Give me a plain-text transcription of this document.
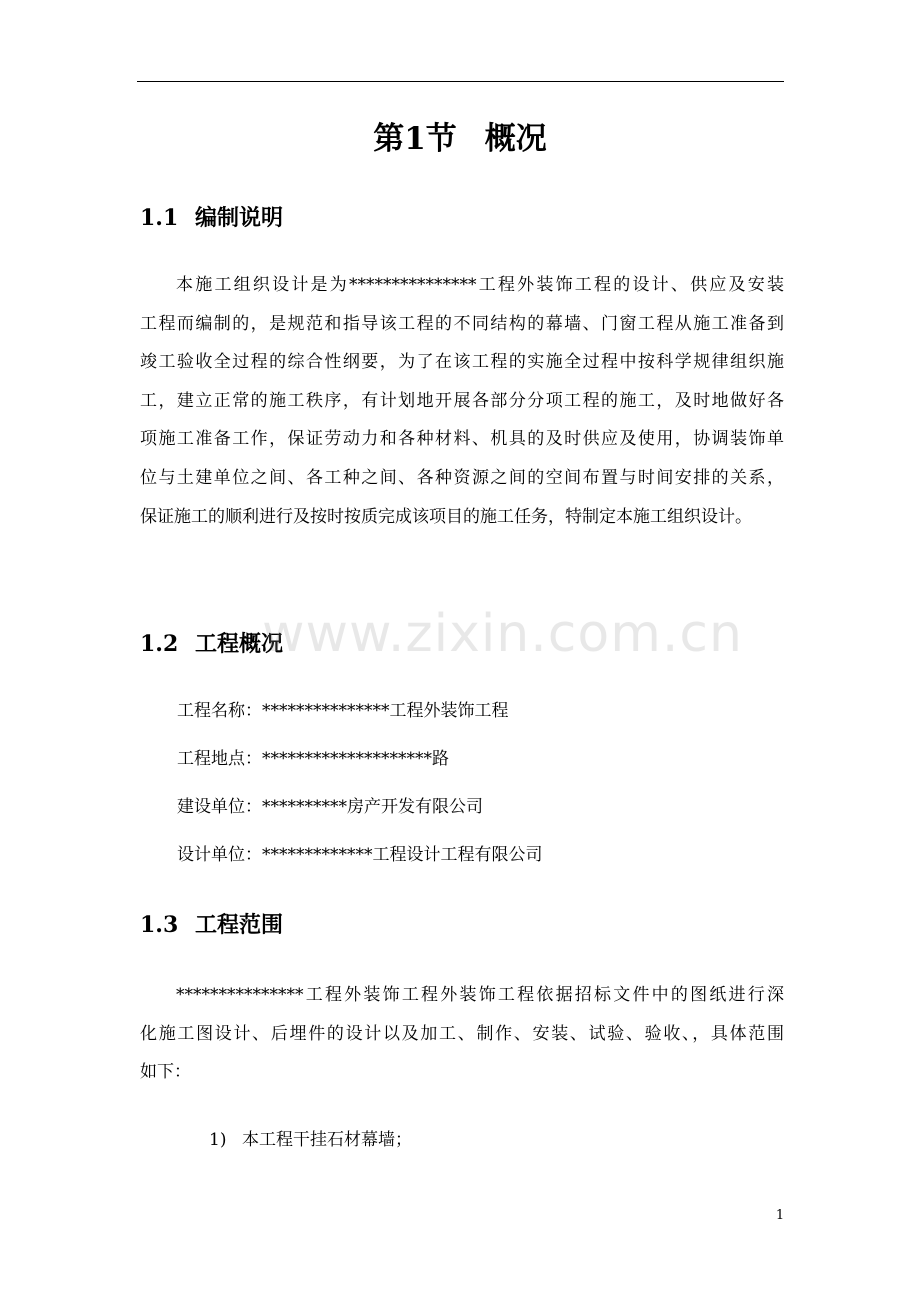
第1节 概况
1.1 编制说明
本施工组织设计是为***************工程外装饰工程的设计、供应及安装
工程而编制的，是规范和指导该工程的不同结构的幕墙、门窗工程从施工准备到
竣工验收全过程的综合性纲要，为了在该工程的实施全过程中按科学规律组织施
工，建立正常的施工秩序，有计划地开展各部分分项工程的施工，及时地做好各
项施工准备工作，保证劳动力和各种材料、机具的及时供应及使用，协调装饰单
位与土建单位之间、各工种之间、各种资源之间的空间布置与时间安排的关系，
保证施工的顺利进行及按时按质完成该项目的施工任务，特制定本施工组织设计。
1.2 工程概况
工程名称：***************工程外装饰工程
工程地点：********************路
建设单位：**********房产开发有限公司
设计单位：*************工程设计工程有限公司
1.3 工程范围
***************工程外装饰工程外装饰工程依据招标文件中的图纸进行深
化施工图设计、后埋件的设计以及加工、制作、安装、试验、验收、，具体范围
如下：
1) 本工程干挂石材幕墙；
www.zixin.com.cn
1
